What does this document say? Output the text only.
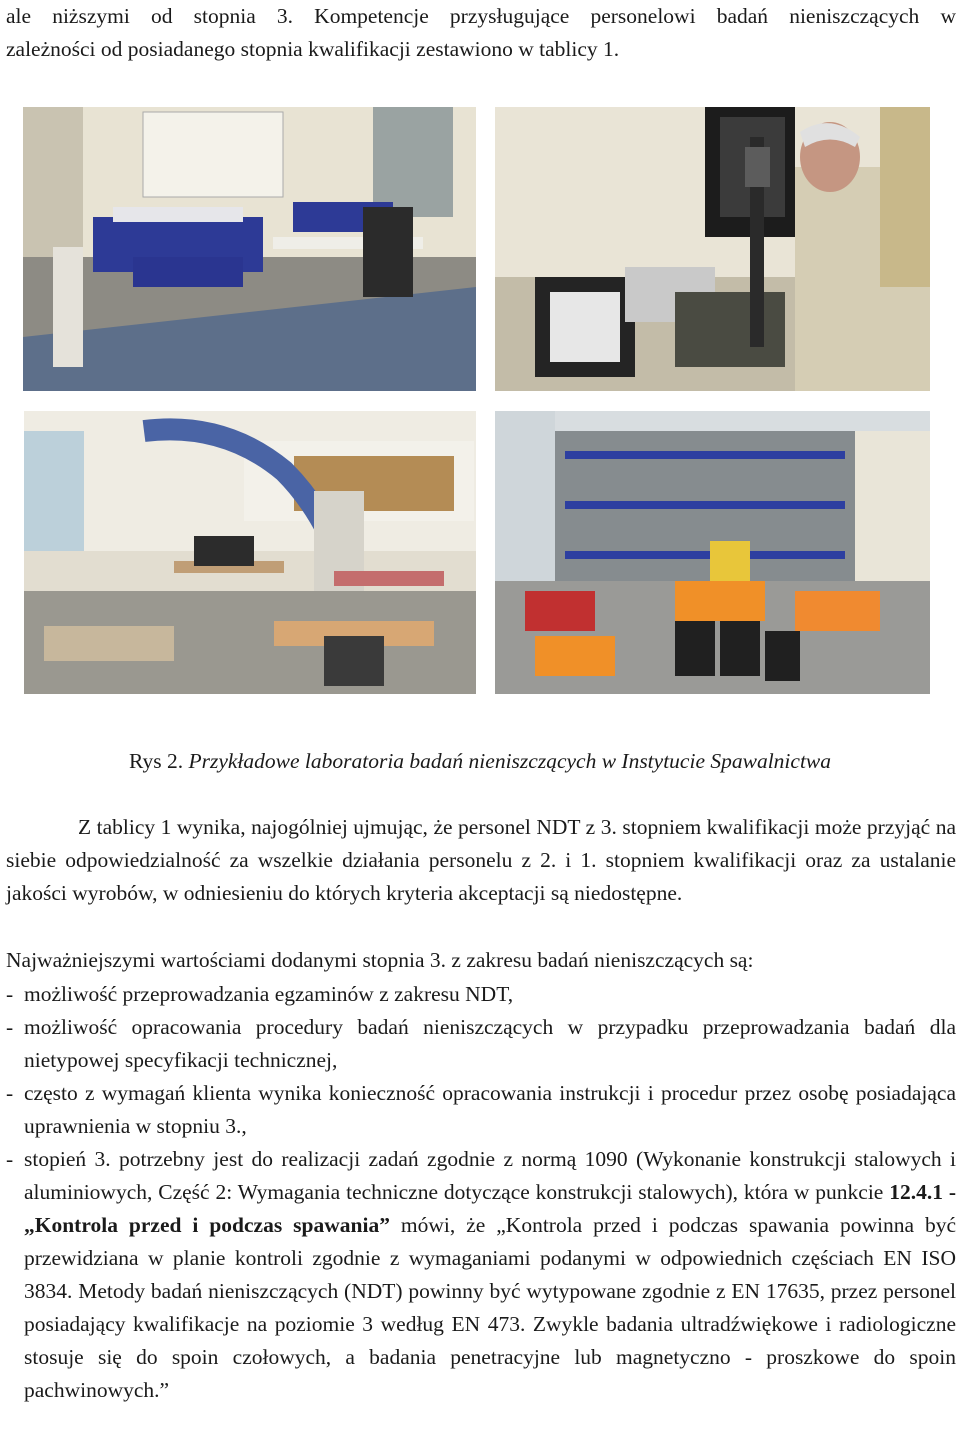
ale niższymi od stopnia 3. Kompetencje przysługujące personelowi badań nieniszczących w

zależności od posiadanego stopnia kwalifikacji zestawiono w tablicy 1.

Rys 2. Przykładowe laboratoria badań nieniszczących w Instytucie Spawalnictwa

Z tablicy 1 wynika, najogólniej ujmując, że personel NDT z 3. stopniem kwalifikacji może przyjąć na siebie odpowiedzialność za wszelkie działania personelu z 2. i 1. stopniem kwalifikacji oraz za ustalanie jakości wyrobów, w odniesieniu do których kryteria akceptacji są niedostępne.

Najważniejszymi wartościami dodanymi stopnia 3. z zakresu badań nieniszczących są:

- możliwość przeprowadzania egzaminów z zakresu NDT,
- możliwość opracowania procedury badań nieniszczących w przypadku przeprowadzania badań dla nietypowej specyfikacji technicznej,
- często z wymagań klienta wynika konieczność opracowania instrukcji i procedur przez osobę posiadająca uprawnienia w stopniu 3.,
- stopień 3. potrzebny jest do realizacji zadań zgodnie z normą 1090 (Wykonanie konstrukcji stalowych i aluminiowych, Część 2: Wymagania techniczne dotyczące konstrukcji stalowych), która w punkcie 12.4.1 - „Kontrola przed i podczas spawania” mówi, że „Kontrola przed i podczas spawania powinna być przewidziana w planie kontroli zgodnie z wymaganiami podanymi w odpowiednich częściach EN ISO 3834. Metody badań nieniszczących (NDT) powinny być wytypowane zgodnie z EN 17635, przez personel posiadający kwalifikacje na poziomie 3 według EN 473. Zwykle badania ultradźwiękowe i radiologiczne stosuje się do spoin czołowych, a badania penetracyjne lub magnetyczno - proszkowe do spoin pachwinowych.”
